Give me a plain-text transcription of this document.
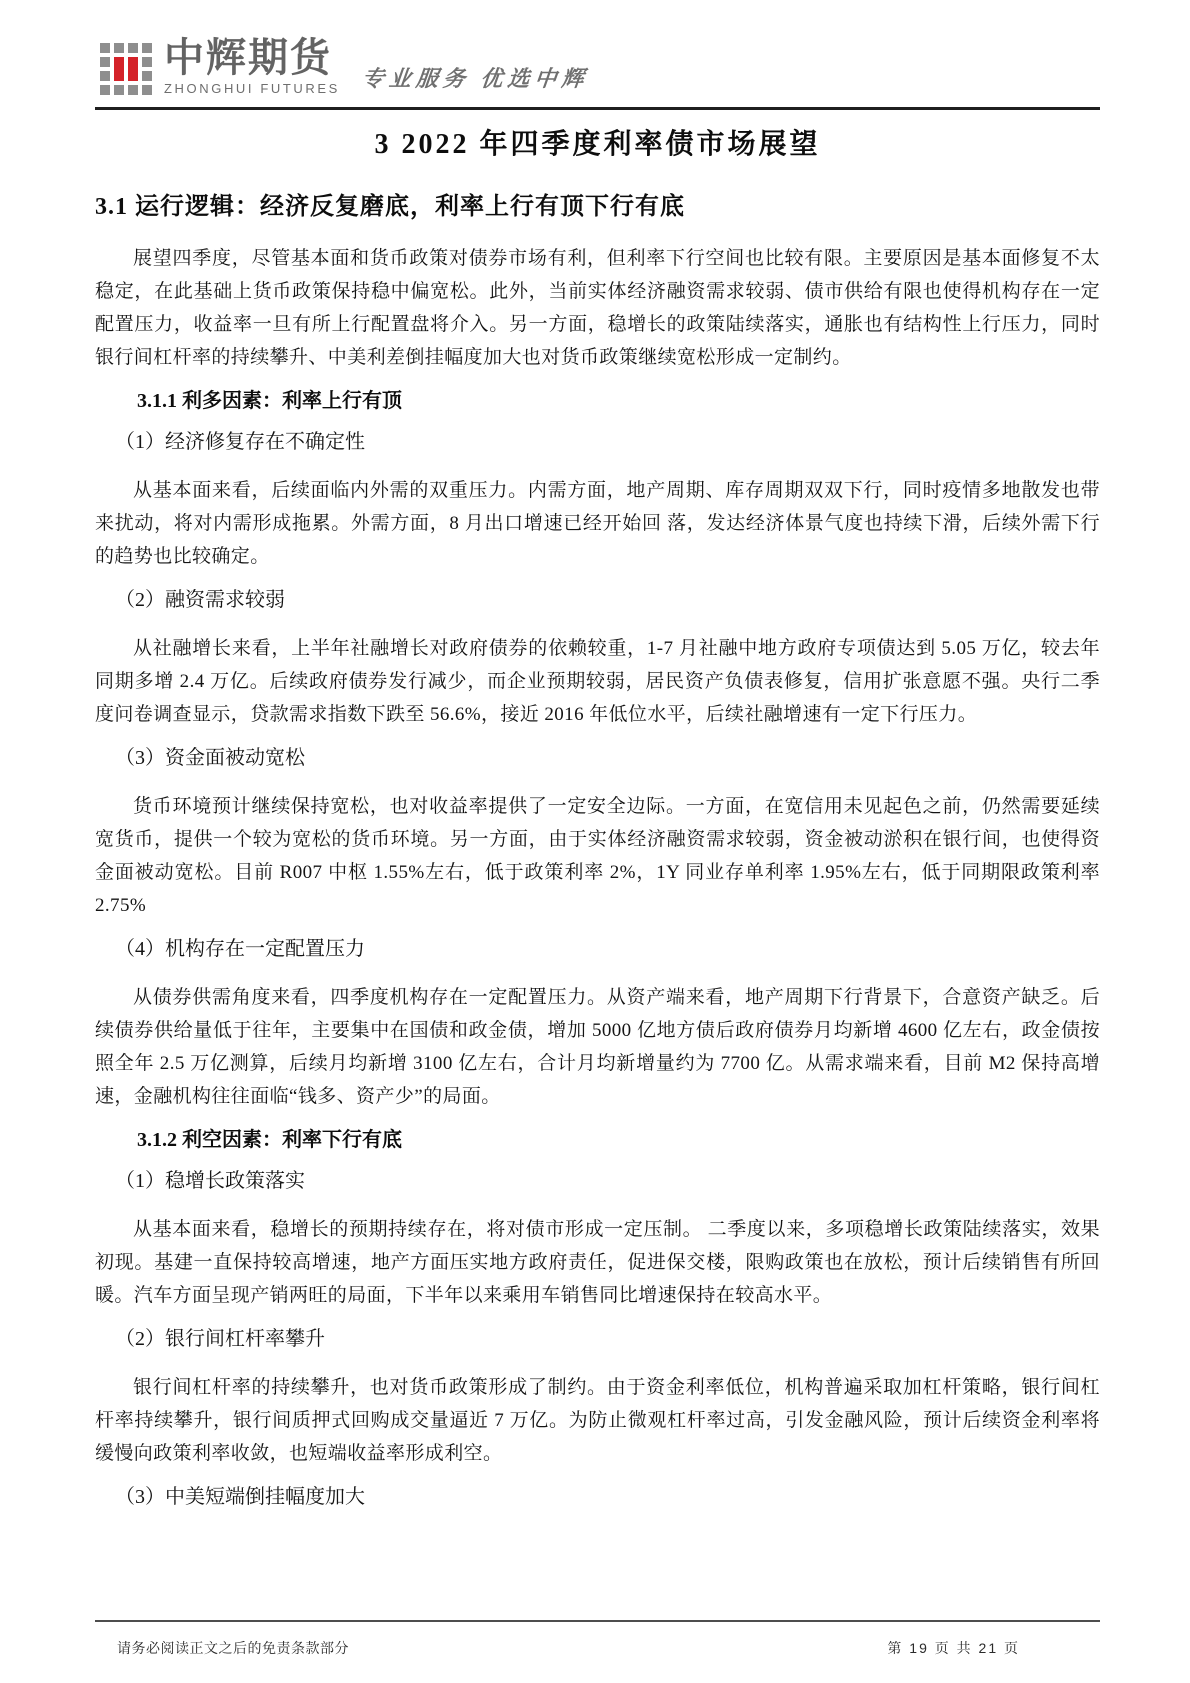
中辉期货
ZHONGHUI FUTURES 专业服务 优选中辉
3 2022 年四季度利率债市场展望
3.1 运行逻辑：经济反复磨底，利率上行有顶下行有底
展望四季度，尽管基本面和货币政策对债券市场有利，但利率下行空间也比较有限。主要原因是基本面修复不太稳定，在此基础上货币政策保持稳中偏宽松。此外，当前实体经济融资需求较弱、债市供给有限也使得机构存在一定配置压力，收益率一旦有所上行配置盘将介入。另一方面，稳增长的政策陆续落实，通胀也有结构性上行压力，同时银行间杠杆率的持续攀升、中美利差倒挂幅度加大也对货币政策继续宽松形成一定制约。
3.1.1 利多因素：利率上行有顶
（1）经济修复存在不确定性
从基本面来看，后续面临内外需的双重压力。内需方面，地产周期、库存周期双双下行，同时疫情多地散发也带来扰动，将对内需形成拖累。外需方面，8 月出口增速已经开始回 落，发达经济体景气度也持续下滑，后续外需下行的趋势也比较确定。
（2）融资需求较弱
从社融增长来看，上半年社融增长对政府债券的依赖较重，1-7 月社融中地方政府专项债达到 5.05 万亿，较去年同期多增 2.4 万亿。后续政府债券发行减少，而企业预期较弱，居民资产负债表修复，信用扩张意愿不强。央行二季度问卷调查显示，贷款需求指数下跌至 56.6%，接近 2016 年低位水平，后续社融增速有一定下行压力。
（3）资金面被动宽松
货币环境预计继续保持宽松，也对收益率提供了一定安全边际。一方面，在宽信用未见起色之前，仍然需要延续宽货币，提供一个较为宽松的货币环境。另一方面，由于实体经济融资需求较弱，资金被动淤积在银行间，也使得资金面被动宽松。目前 R007 中枢 1.55%左右，低于政策利率 2%，1Y 同业存单利率 1.95%左右，低于同期限政策利率 2.75%
（4）机构存在一定配置压力
从债券供需角度来看，四季度机构存在一定配置压力。从资产端来看，地产周期下行背景下，合意资产缺乏。后续债券供给量低于往年，主要集中在国债和政金债，增加 5000 亿地方债后政府债券月均新增 4600 亿左右，政金债按照全年 2.5 万亿测算，后续月均新增 3100 亿左右，合计月均新增量约为 7700 亿。从需求端来看，目前 M2 保持高增速，金融机构往往面临“钱多、资产少”的局面。
3.1.2 利空因素：利率下行有底
（1）稳增长政策落实
从基本面来看，稳增长的预期持续存在，将对债市形成一定压制。 二季度以来，多项稳增长政策陆续落实，效果初现。基建一直保持较高增速，地产方面压实地方政府责任，促进保交楼，限购政策也在放松，预计后续销售有所回暖。汽车方面呈现产销两旺的局面，下半年以来乘用车销售同比增速保持在较高水平。
（2）银行间杠杆率攀升
银行间杠杆率的持续攀升，也对货币政策形成了制约。由于资金利率低位，机构普遍采取加杠杆策略，银行间杠杆率持续攀升，银行间质押式回购成交量逼近 7 万亿。为防止微观杠杆率过高，引发金融风险，预计后续资金利率将缓慢向政策利率收敛，也短端收益率形成利空。
（3）中美短端倒挂幅度加大
请务必阅读正文之后的免责条款部分	第 19 页 共 21 页
